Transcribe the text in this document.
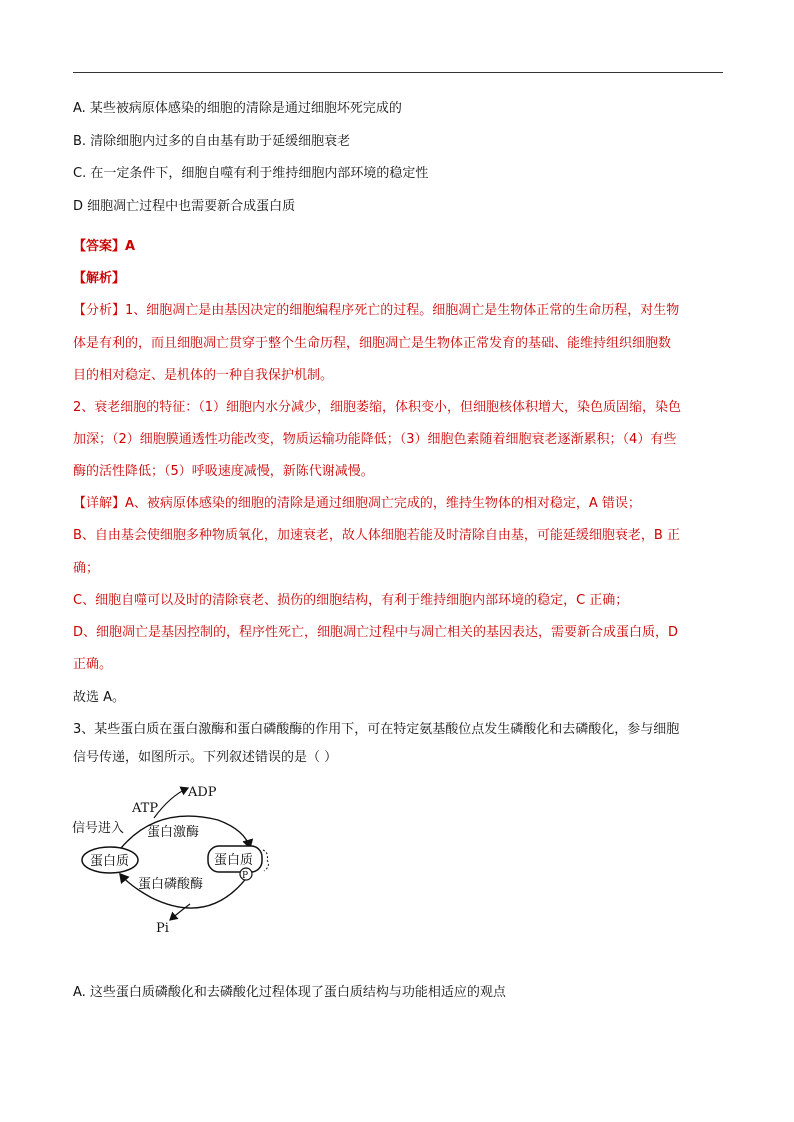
A. 某些被病原体感染的细胞的清除是通过细胞坏死完成的
B. 清除细胞内过多的自由基有助于延缓细胞衰老
C. 在一定条件下，细胞自噬有利于维持细胞内部环境的稳定性
D 细胞凋亡过程中也需要新合成蛋白质
【答案】A
【解析】
【分析】1、细胞凋亡是由基因决定的细胞编程序死亡的过程。细胞凋亡是生物体正常的生命历程，对生物
体是有利的，而且细胞凋亡贯穿于整个生命历程，细胞凋亡是生物体正常发育的基础、能维持组织细胞数
目的相对稳定、是机体的一种自我保护机制。
2、衰老细胞的特征：（1）细胞内水分减少，细胞萎缩，体积变小，但细胞核体积增大，染色质固缩，染色
加深；（2）细胞膜通透性功能改变，物质运输功能降低；（3）细胞色素随着细胞衰老逐渐累积；（4）有些
酶的活性降低；（5）呼吸速度减慢，新陈代谢减慢。
【详解】A、被病原体感染的细胞的清除是通过细胞凋亡完成的，维持生物体的相对稳定，A 错误；
B、自由基会使细胞多种物质氧化，加速衰老，故人体细胞若能及时清除自由基，可能延缓细胞衰老，B 正
确；
C、细胞自噬可以及时的清除衰老、损伤的细胞结构，有利于维持细胞内部环境的稳定，C 正确；
D、细胞凋亡是基因控制的，程序性死亡，细胞凋亡过程中与凋亡相关的基因表达，需要新合成蛋白质，D
正确。
故选 A。
3、某些蛋白质在蛋白激酶和蛋白磷酸酶的作用下，可在特定氨基酸位点发生磷酸化和去磷酸化，参与细胞
信号传递，如图所示。下列叙述错误的是（ ）
ADP
ATP
信号进入 蛋白激酶
蛋白质	蛋白质
P
蛋白磷酸酶
Pi
A. 这些蛋白质磷酸化和去磷酸化过程体现了蛋白质结构与功能相适应的观点
